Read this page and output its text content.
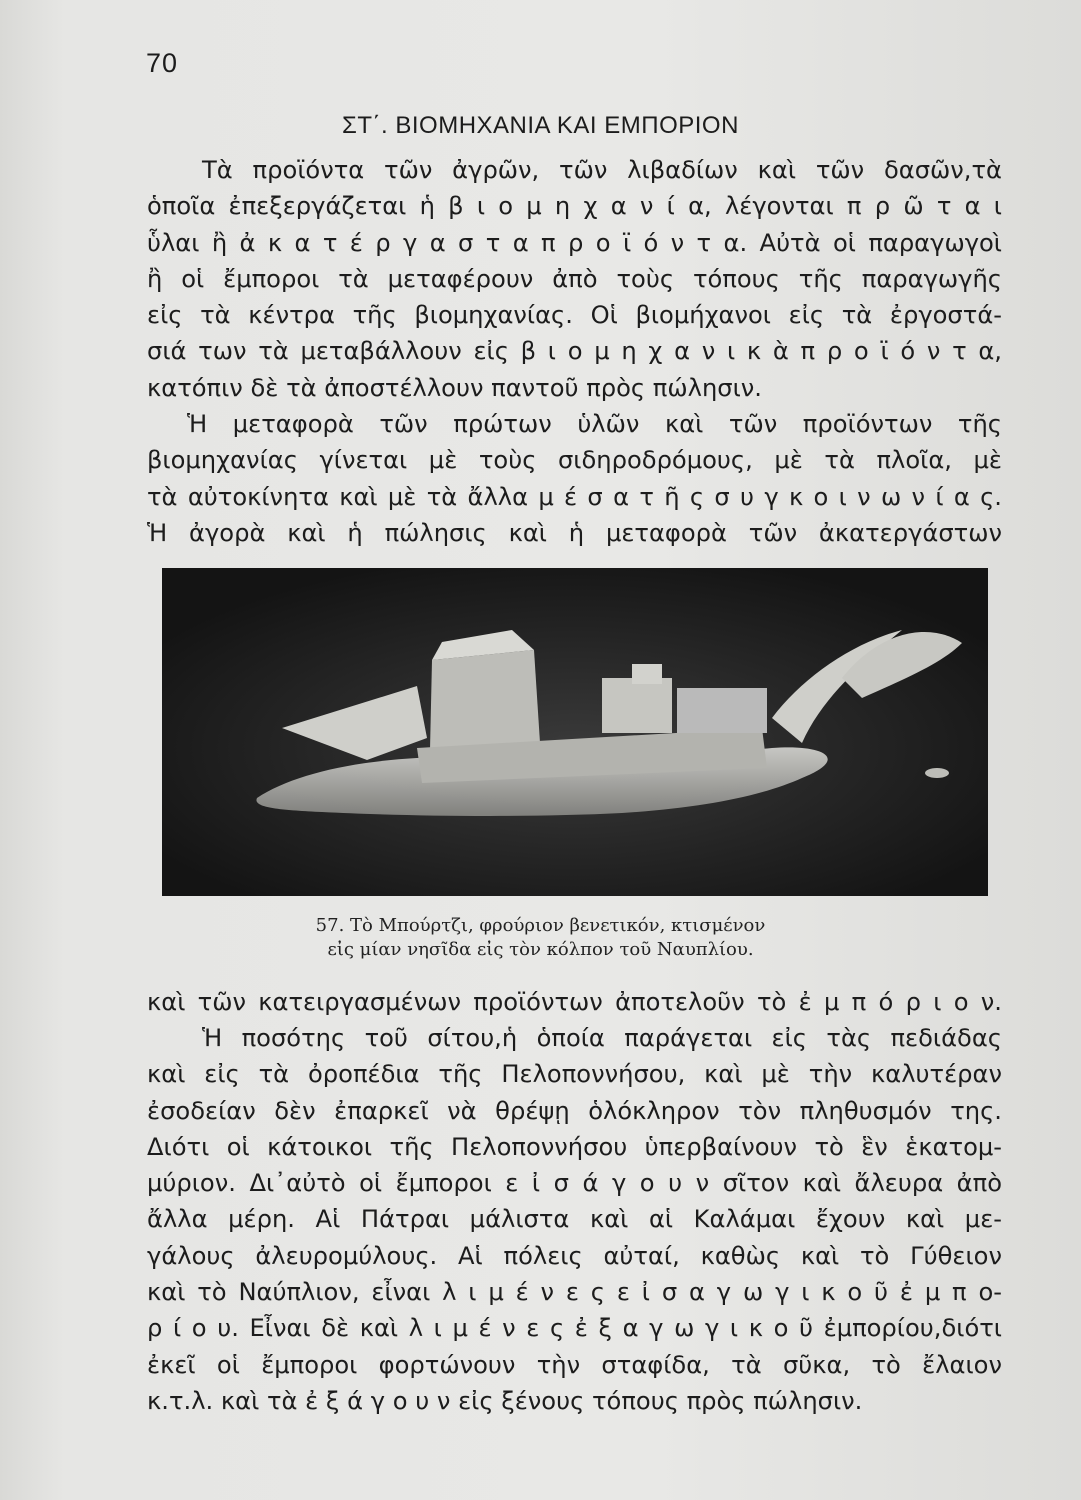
70
ΣΤ΄. ΒΙΟΜΗΧΑΝΙΑ ΚΑΙ ΕΜΠΟΡΙΟΝ
Τὰ προϊόντα τῶν ἀγρῶν, τῶν λιβαδίων καὶ τῶν δασῶν,τὰ
ὁποῖα ἐπεξεργάζεται ἡ β ι ο μ η χ α ν ί α, λέγονται π ρ ῶ τ α ι
ὗλαι ἢ ἀ κ α τ έ ρ γ α σ τ α π ρ ο ϊ ό ν τ α. Αὐτὰ οἱ παραγωγοὶ
ἢ οἱ ἔμποροι τὰ μεταφέρουν ἀπὸ τοὺς τόπους τῆς παραγωγῆς
εἰς τὰ κέντρα τῆς βιομηχανίας. Οἱ βιομήχανοι εἰς τὰ ἐργοστά-
σιά των τὰ μεταβάλλουν εἰς β ι ο μ η χ α ν ι κ ὰ π ρ ο ϊ ό ν τ α,
κατόπιν δὲ τὰ ἀποστέλλουν παντοῦ πρὸς πώλησιν.
Ἡ μεταφορὰ τῶν πρώτων ὑλῶν καὶ τῶν προϊόντων τῆς
βιομηχανίας γίνεται μὲ τοὺς σιδηροδρόμους, μὲ τὰ πλοῖα, μὲ
τὰ αὐτοκίνητα καὶ μὲ τὰ ἄλλα μ έ σ α τ ῆ ς σ υ γ κ ο ι ν ω ν ί α ς.
Ἡ ἀγορὰ καὶ ἡ πώλησις καὶ ἡ μεταφορὰ τῶν ἀκατεργάστων
57. Τὸ Μπούρτζι, φρούριον βενετικόν, κτισμένον
εἰς μίαν νησῖδα εἰς τὸν κόλπον τοῦ Ναυπλίου.
καὶ τῶν κατειργασμένων προϊόντων ἀποτελοῦν τὸ ἐ μ π ό ρ ι ο ν.
Ἡ ποσότης τοῦ σίτου,ἡ ὁποία παράγεται εἰς τὰς πεδιάδας
καὶ εἰς τὰ ὀροπέδια τῆς Πελοποννήσου, καὶ μὲ τὴν καλυτέραν
ἐσοδείαν δὲν ἐπαρκεῖ νὰ θρέψῃ ὁλόκληρον τὸν πληθυσμόν της.
Διότι οἱ κάτοικοι τῆς Πελοποννήσου ὑπερβαίνουν τὸ ἓν ἑκατομ-
μύριον. Δι᾽αὐτὸ οἱ ἔμποροι ε ἰ σ ά γ ο υ ν σῖτον καὶ ἄλευρα ἀπὸ
ἄλλα μέρη. Αἱ Πάτραι μάλιστα καὶ αἱ Καλάμαι ἔχουν καὶ με-
γάλους ἀλευρομύλους. Αἱ πόλεις αὐταί, καθὼς καὶ τὸ Γύθειον
καὶ τὸ Ναύπλιον, εἶναι λ ι μ έ ν ε ς ε ἰ σ α γ ω γ ι κ ο ῦ ἐ μ π ο-
ρ ί ο υ. Εἶναι δὲ καὶ λ ι μ έ ν ε ς ἐ ξ α γ ω γ ι κ ο ῦ ἐμπορίου,διότι
ἐκεῖ οἱ ἔμποροι φορτώνουν τὴν σταφίδα, τὰ σῦκα, τὸ ἔλαιον
κ.τ.λ. καὶ τὰ ἐ ξ ά γ ο υ ν εἰς ξένους τόπους πρὸς πώλησιν.
